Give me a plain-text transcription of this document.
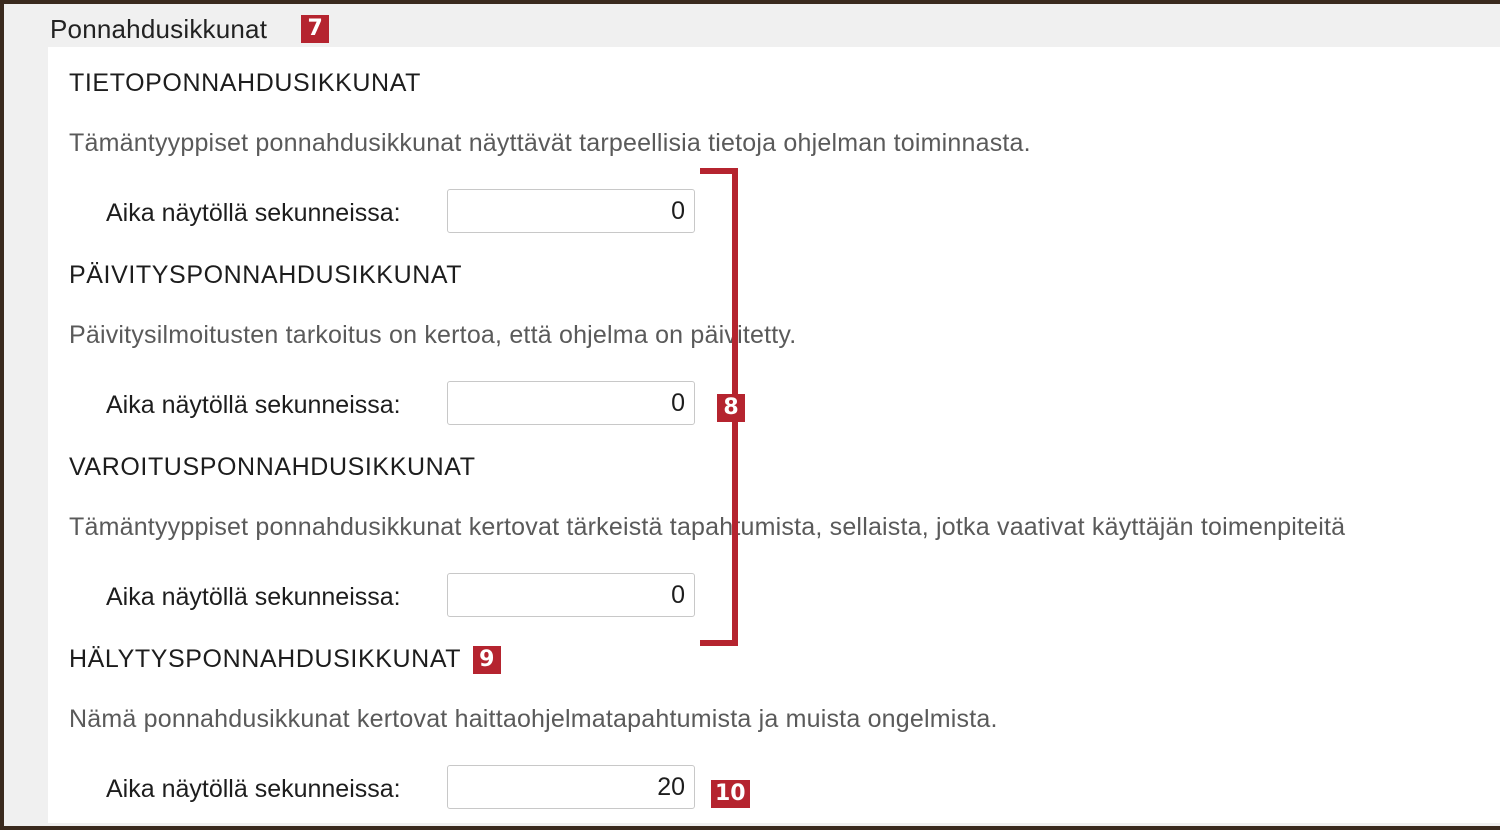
Ponnahdusikkunat 7
TIETOPONNAHDUSIKKUNAT
Tämäntyyppiset ponnahdusikkunat näyttävät tarpeellisia tietoja ohjelman toiminnasta.
Aika näytöllä sekunneissa:
0
PÄIVITYSPONNAHDUSIKKUNAT
Päivitysilmoitusten tarkoitus on kertoa, että ohjelma on päivitetty.
Aika näytöllä sekunneissa:
0
VAROITUSPONNAHDUSIKKUNAT
Tämäntyyppiset ponnahdusikkunat kertovat tärkeistä tapahtumista, sellaista, jotka vaativat käyttäjän toimenpiteitä
Aika näytöllä sekunneissa:
0
HÄLYTYSPONNAHDUSIKKUNAT 9
Nämä ponnahdusikkunat kertovat haittaohjelmatapahtumista ja muista ongelmista.
Aika näytöllä sekunneissa:
20
8
10
